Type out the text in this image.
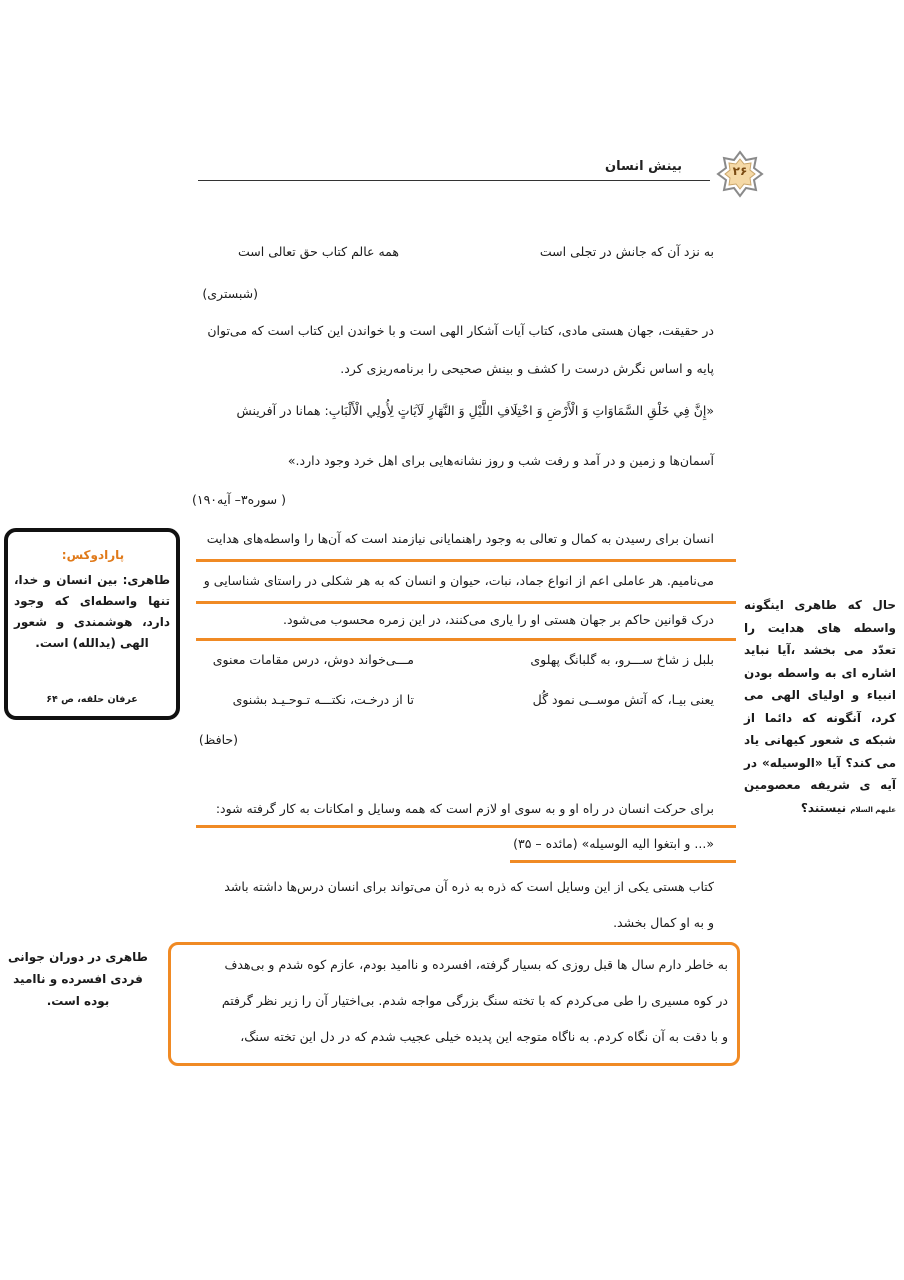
بینش انسان	۲۶
به نزد آن که جانش در تجلی است
همه عالم کتاب حق تعالی است
(شبستری)
در حقیقت، جهان هستی مادی، کتاب آیات آشکار الهی است و با خواندن این کتاب است که می‌توان
پایه و اساس نگرش درست را کشف و بینش صحیحی را برنامه‌ریزی کرد.
«إِنَّ فِي خَلْقِ السَّمَاوَاتِ وَ الْأَرْضِ وَ اخْتِلَافِ اللَّيْلِ وَ النَّهَارِ لَآيَاتٍ لِأُولِي الْأَلْبَابِ: همانا در آفرینش
آسمان‌ها و زمین و در آمد و رفت شب و روز نشانه‌هایی برای اهل خرد وجود دارد.»
( سوره۳– آیه۱۹۰)
انسان برای رسیدن به کمال و تعالی به وجود راهنمایانی نیازمند است که آن‌ها را واسطه‌های هدایت
می‌نامیم. هر عاملی اعم از انواع جماد، نبات، حیوان و انسان که به هر شکلی در راستای شناسایی و
درک قوانین حاکم بر جهان هستی او را یاری می‌کنند، در این زمره محسوب می‌شود.
بلبل ز شاخ ســـرو، به گلبانگ پهلوی
مـــی‌خواند دوش، درس مقامات معنوی
یعنی بیـا، که آتش موســی نمود گُل
تا از درخـت، نکتـــه تـوحـیـد بشنوی
(حافظ)
برای حرکت انسان در راه او و به سوی او لازم است که همه وسایل و امکانات به کار گرفته شود:
«... و ابتغوا الیه الوسیله» (مائده – ۳۵)
کتاب هستی یکی از این وسایل است که ذره به ذره آن می‌تواند برای انسان درس‌ها داشته باشد
و به او کمال بخشد.
به خاطر دارم سال ها قبل روزی که بسیار گرفته، افسرده و ناامید بودم، عازم کوه شدم و بی‌هدف
در کوه مسیری را طی می‌کردم که با تخته سنگ بزرگی مواجه شدم. بی‌اختیار آن را زیر نظر گرفتم
و با دقت به آن نگاه کردم. به ناگاه متوجه این پدیده خیلی عجیب شدم که در دل این تخته سنگ،
پارادوکس:
طاهری: بین انسان و خدا، تنها واسطه‌ای که وجود دارد، هوشمندی و شعور الهی (یدالله) است.
عرفان حلقه، ص ۶۴
حال که طاهری اینگونه واسطه های هدایت را تعدّد می بخشد ،آیا نباید اشاره ای به واسطه بودن انبیاء و اولیای الهی می کرد، آنگونه که دائما از شبکه ی شعور کیهانی یاد می کند؟ آیا «الوسیله» در آیه ی شریفه معصومین علیهم السلام نیستند؟
طاهری در دوران جوانی فردی افسرده و ناامید بوده است.
